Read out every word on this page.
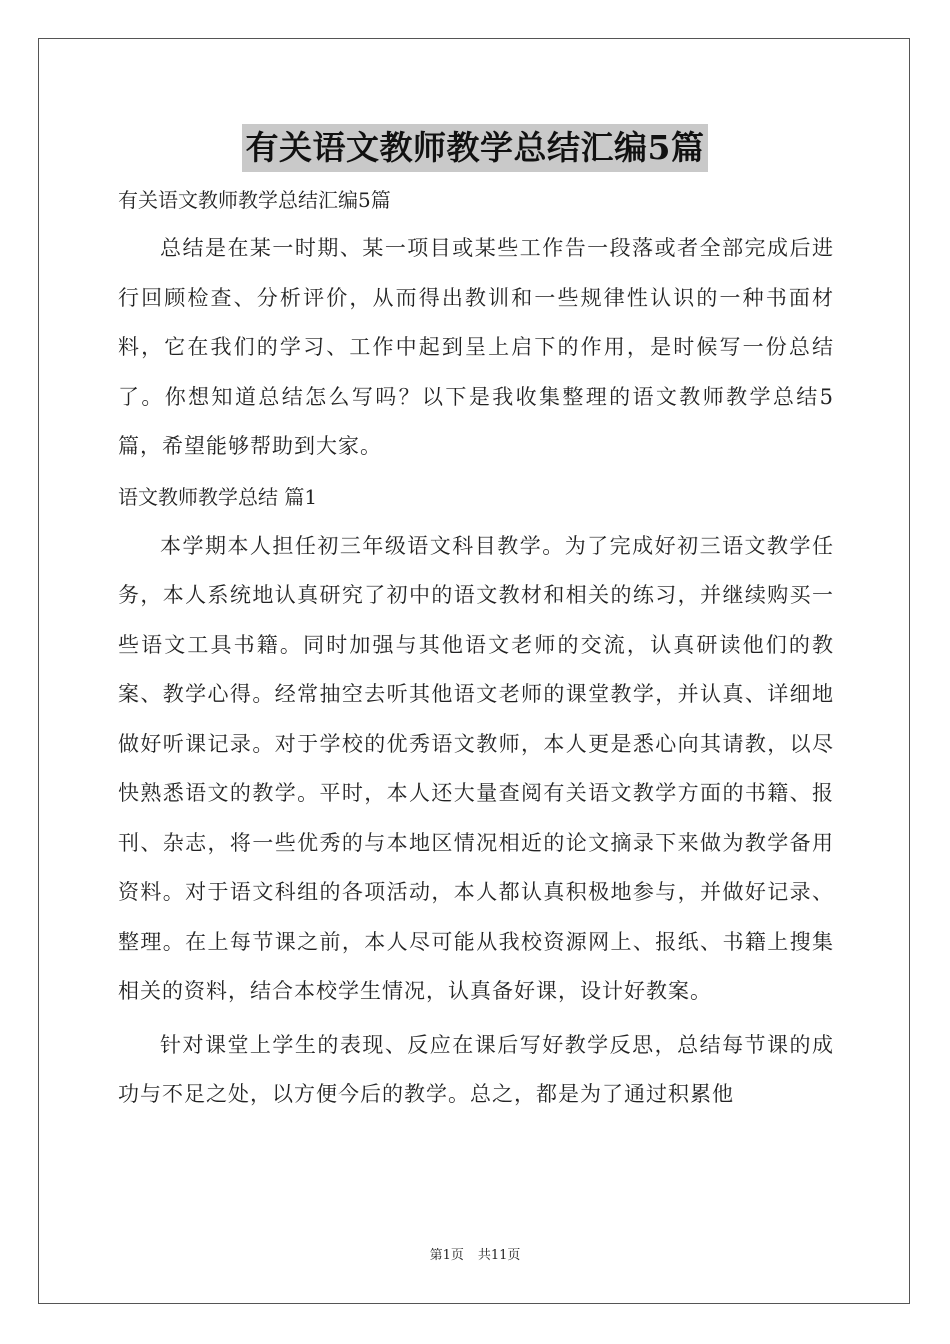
有关语文教师教学总结汇编5篇

有关语文教师教学总结汇编5篇

总结是在某一时期、某一项目或某些工作告一段落或者全部完成后进行回顾检查、分析评价，从而得出教训和一些规律性认识的一种书面材料，它在我们的学习、工作中起到呈上启下的作用，是时候写一份总结了。你想知道总结怎么写吗？以下是我收集整理的语文教师教学总结5篇，希望能够帮助到大家。

语文教师教学总结 篇1

本学期本人担任初三年级语文科目教学。为了完成好初三语文教学任务，本人系统地认真研究了初中的语文教材和相关的练习，并继续购买一些语文工具书籍。同时加强与其他语文老师的交流，认真研读他们的教案、教学心得。经常抽空去听其他语文老师的课堂教学，并认真、详细地做好听课记录。对于学校的优秀语文教师，本人更是悉心向其请教，以尽快熟悉语文的教学。平时，本人还大量查阅有关语文教学方面的书籍、报刊、杂志，将一些优秀的与本地区情况相近的论文摘录下来做为教学备用资料。对于语文科组的各项活动，本人都认真积极地参与，并做好记录、整理。在上每节课之前，本人尽可能从我校资源网上、报纸、书籍上搜集相关的资料，结合本校学生情况，认真备好课，设计好教案。

针对课堂上学生的表现、反应在课后写好教学反思，总结每节课的成功与不足之处，以方便今后的教学。总之，都是为了通过积累他

第1页 共11页
